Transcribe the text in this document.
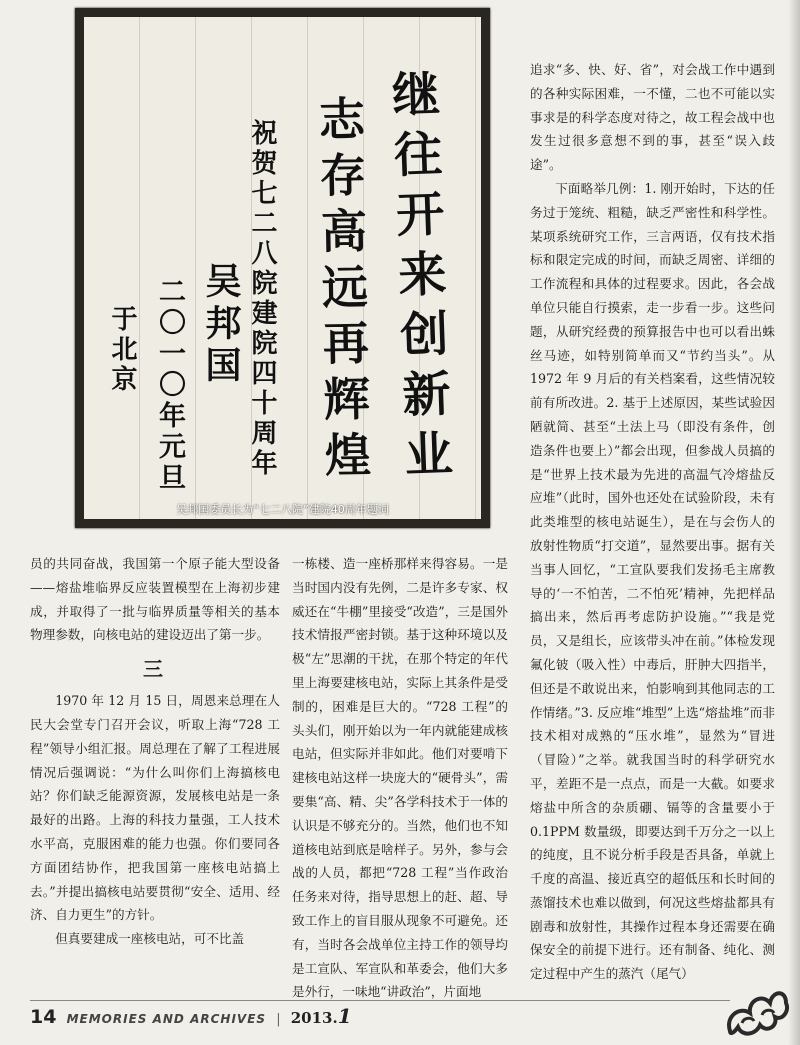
继往开来创新业
志存高远再辉煌
祝贺七二八院建院四十周年
吴邦国
二〇一〇年元旦
于北京
吴邦国委员长为“七二八院”建院40周年题词

员的共同奋战，我国第一个原子能大型设备——熔盐堆临界反应装置模型在上海初步建成，并取得了一批与临界质量等相关的基本物理参数，向核电站的建设迈出了第一步。

三

1970 年 12 月 15 日，周恩来总理在人民大会堂专门召开会议，听取上海“728 工程”领导小组汇报。周总理在了解了工程进展情况后强调说：“为什么叫你们上海搞核电站？你们缺乏能源资源，发展核电站是一条最好的出路。上海的科技力量强，工人技术水平高，克服困难的能力也强。你们要同各方面团结协作，把我国第一座核电站搞上去。”并提出搞核电站要贯彻“安全、适用、经济、自力更生”的方针。

但真要建成一座核电站，可不比盖

一栋楼、造一座桥那样来得容易。一是当时国内没有先例，二是许多专家、权威还在“牛棚”里接受“改造”，三是国外技术情报严密封锁。基于这种环境以及极“左”思潮的干扰，在那个特定的年代里上海要建核电站，实际上其条件是受制的，困难是巨大的。“728 工程”的头头们，刚开始以为一年内就能建成核电站，但实际并非如此。他们对要啃下建核电站这样一块庞大的“硬骨头”，需要集“高、精、尖”各学科技术于一体的认识是不够充分的。当然，他们也不知道核电站到底是啥样子。另外，参与会战的人员，都把“728 工程”当作政治任务来对待，指导思想上的赶、超、导致工作上的盲目服从现象不可避免。还有，当时各会战单位主持工作的领导均是工宣队、军宣队和革委会，他们大多是外行，一味地“讲政治”，片面地

追求“多、快、好、省”，对会战工作中遇到的各种实际困难，一不懂，二也不可能以实事求是的科学态度对待之，故工程会战中也发生过很多意想不到的事，甚至“误入歧途”。

下面略举几例：1. 刚开始时，下达的任务过于笼统、粗糙，缺乏严密性和科学性。某项系统研究工作，三言两语，仅有技术指标和限定完成的时间，而缺乏周密、详细的工作流程和具体的过程要求。因此，各会战单位只能自行摸索，走一步看一步。这些问题，从研究经费的预算报告中也可以看出蛛丝马迹，如特别简单而又“节约当头”。从 1972 年 9 月后的有关档案看，这些情况较前有所改进。2. 基于上述原因，某些试验因陋就简、甚至“土法上马（即没有条件，创造条件也要上）”都会出现，但参战人员搞的是“世界上技术最为先进的高温气冷熔盐反应堆”（此时，国外也还处在试验阶段，未有此类堆型的核电站诞生），是在与会伤人的放射性物质“打交道”，显然要出事。据有关当事人回忆，“工宣队要我们发扬毛主席教导的‘一不怕苦，二不怕死’精神，先把样品搞出来，然后再考虑防护设施。”“我是党员，又是组长，应该带头冲在前。”体检发现氟化铍（吸入性）中毒后，肝肿大四指半，但还是不敢说出来，怕影响到其他同志的工作情绪。”3. 反应堆“堆型”上选“熔盐堆”而非技术相对成熟的“压水堆”，显然为“冒进（冒险）”之举。就我国当时的科学研究水平，差距不是一点点，而是一大截。如要求熔盐中所含的杂质硼、镉等的含量要小于 0.1PPM 数量级，即要达到千万分之一以上的纯度，且不说分析手段是否具备，单就上千度的高温、接近真空的超低压和长时间的蒸馏技术也难以做到，何况这些熔盐都具有剧毒和放射性，其操作过程本身还需要在确保安全的前提下进行。还有制备、纯化、测定过程中产生的蒸汽（尾气）

14 MEMORIES AND ARCHIVES | 2013.1
